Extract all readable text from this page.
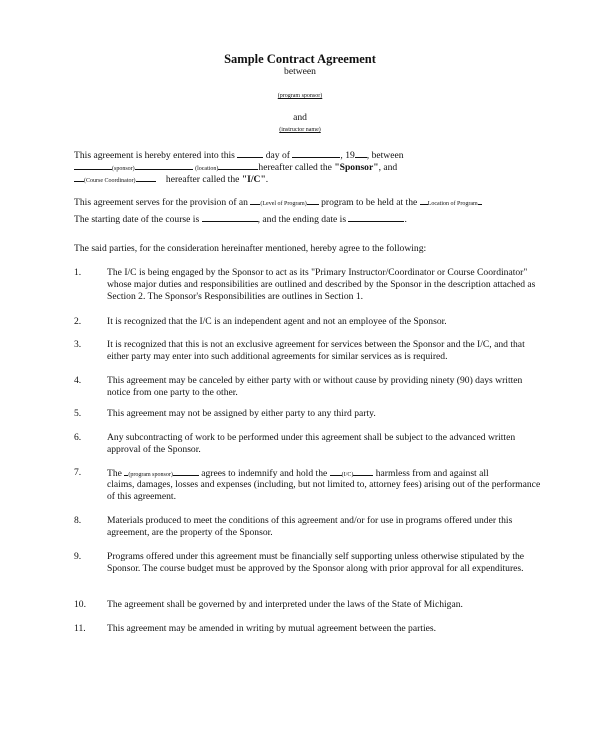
Sample Contract Agreement
between
(program sponsor)
and
(instructor name)
This agreement is hereby entered into this	day of	, 19 , between
(sponsor)	(location)	hereafter called the "Sponsor", and
(Course Coordinator)	hereafter called the "I/C".
This agreement serves for the provision of an (Level of Program) program to be held at the Location of Program
The starting date of the course is	, and the ending date is	.
The said parties, for the consideration hereinafter mentioned, hereby agree to the following:
1.	The I/C is being engaged by the Sponsor to act as its "Primary Instructor/Coordinator or Course Coordinator" whose major duties and responsibilities are outlined and described by the Sponsor in the description attached as Section 2. The Sponsor's Responsibilities are outlines in Section 1.
2.	It is recognized that the I/C is an independent agent and not an employee of the Sponsor.
3.	It is recognized that this is not an exclusive agreement for services between the Sponsor and the I/C, and that either party may enter into such additional agreements for similar services as is required.
4.	This agreement may be canceled by either party with or without cause by providing ninety (90) days written notice from one party to the other.
5.	This agreement may not be assigned by either party to any third party.
6.	Any subcontracting of work to be performed under this agreement shall be subject to the advanced written approval of the Sponsor.
7.	The (program sponsor)	agrees to indemnify and hold the (I/C) harmless from and against all
claims, damages, losses and expenses (including, but not limited to, attorney fees) arising out of the performance of this agreement.
8.	Materials produced to meet the conditions of this agreement and/or for use in programs offered under this agreement, are the property of the Sponsor.
9.	Programs offered under this agreement must be financially self supporting unless otherwise stipulated by the Sponsor. The course budget must be approved by the Sponsor along with prior approval for all expenditures.
10. The agreement shall be governed by and interpreted under the laws of the State of Michigan.
11. This agreement may be amended in writing by mutual agreement between the parties.
